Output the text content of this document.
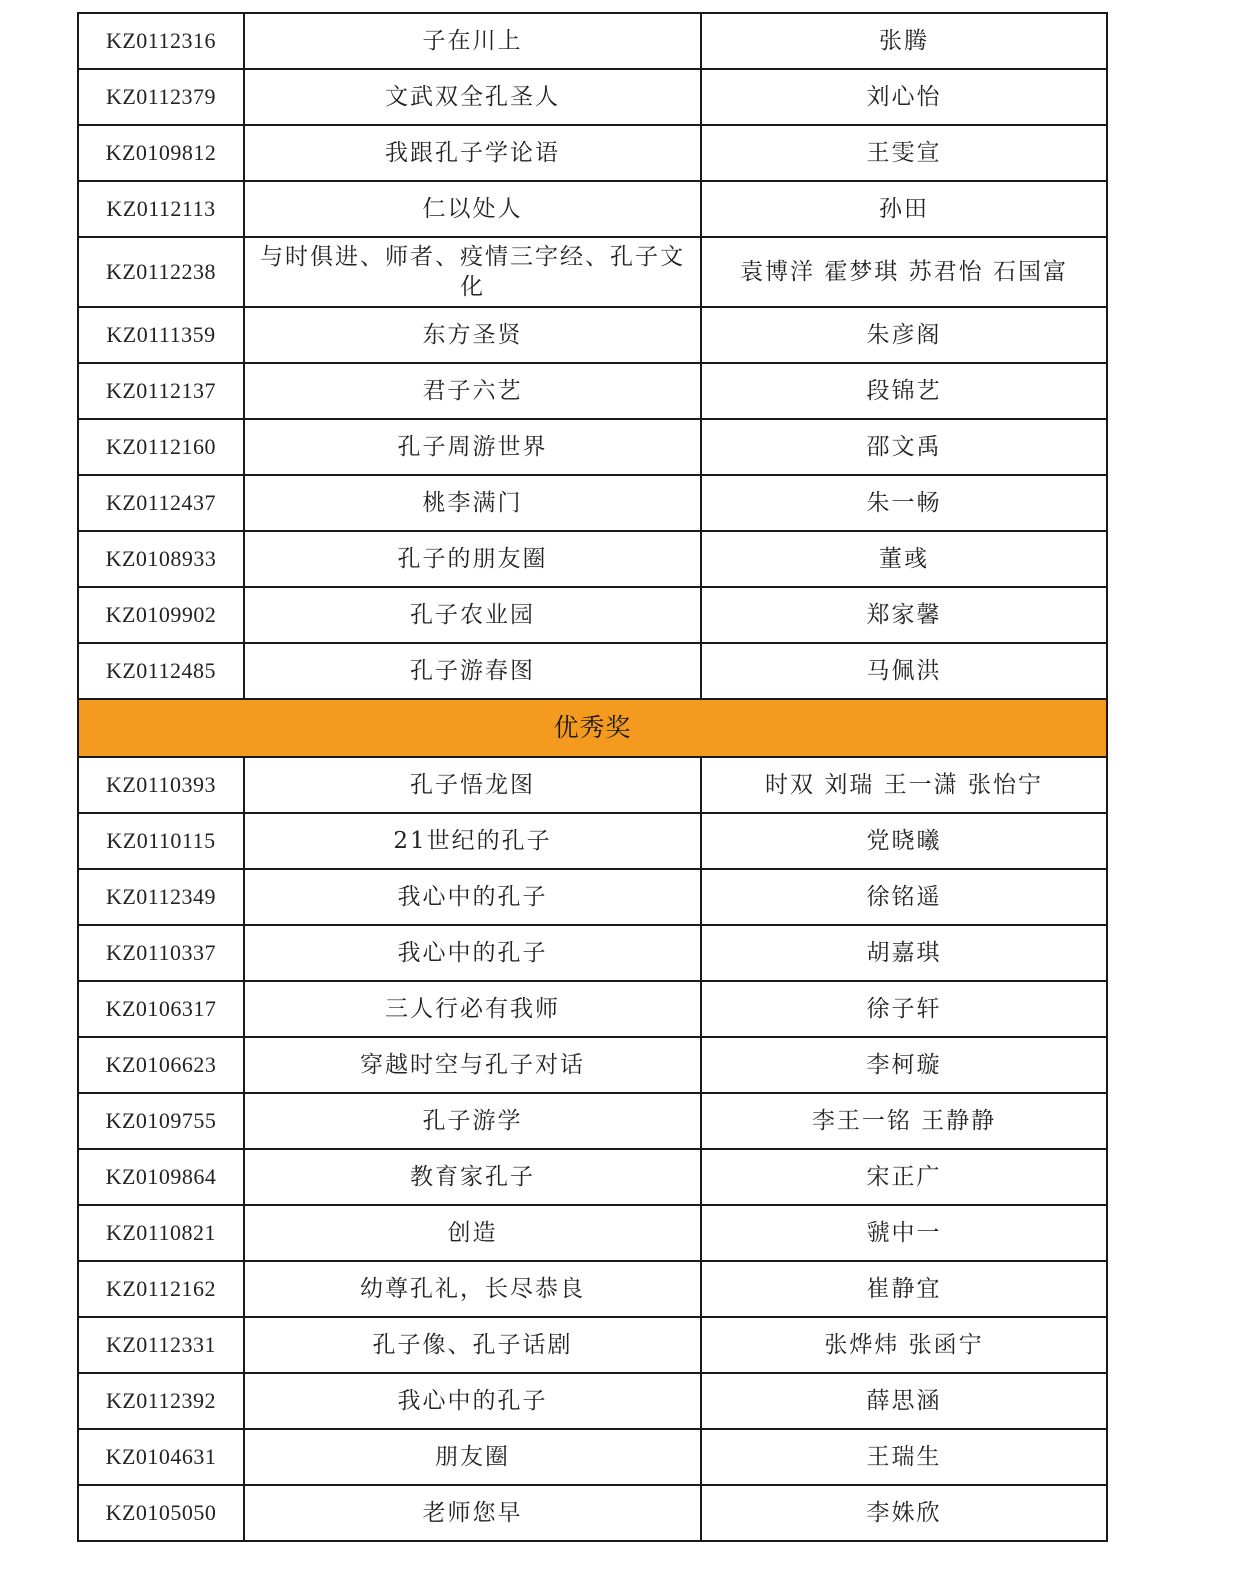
KZ0112316	子在川上	张腾
KZ0112379	文武双全孔圣人	刘心怡
KZ0109812	我跟孔子学论语	王雯宣
KZ0112113	仁以处人	孙田
KZ0112238	与时俱进、师者、疫情三字经、孔子文化	袁博洋 霍梦琪 苏君怡 石国富
KZ0111359	东方圣贤	朱彦阁
KZ0112137	君子六艺	段锦艺
KZ0112160	孔子周游世界	邵文禹
KZ0112437	桃李满门	朱一畅
KZ0108933	孔子的朋友圈	董彧
KZ0109902	孔子农业园	郑家馨
KZ0112485	孔子游春图	马佩洪
优秀奖		
KZ0110393	孔子悟龙图	时双 刘瑞 王一潇 张怡宁
KZ0110115	21世纪的孔子	党晓曦
KZ0112349	我心中的孔子	徐铭遥
KZ0110337	我心中的孔子	胡嘉琪
KZ0106317	三人行必有我师	徐子轩
KZ0106623	穿越时空与孔子对话	李柯璇
KZ0109755	孔子游学	李王一铭 王静静
KZ0109864	教育家孔子	宋正广
KZ0110821	创造	虢中一
KZ0112162	幼尊孔礼，长尽恭良	崔静宜
KZ0112331	孔子像、孔子话剧	张烨炜 张函宁
KZ0112392	我心中的孔子	薛思涵
KZ0104631	朋友圈	王瑞生
KZ0105050	老师您早	李姝欣
